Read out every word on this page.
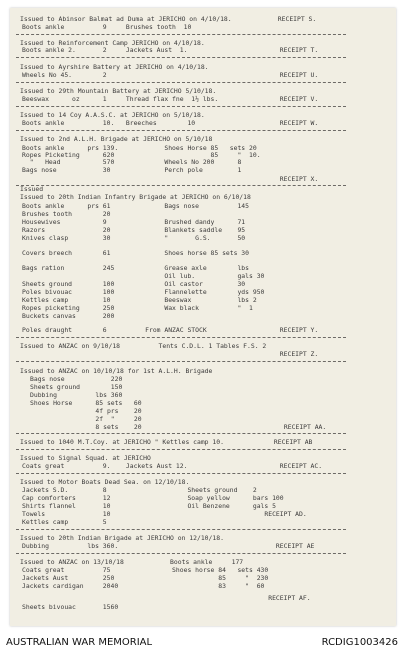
Issued to Abinsor Balmat ad Duma at JERICHO on 4/10/18.            RECEIPT S.
Boots ankle          9     Brushes tooth  10
Issued to Reinforcement Camp JERICHO on 4/10/18.
Boots ankle 2.       2     Jackets Aust  1.                        RECEIPT T.
Issued to Ayrshire Battery at JERICHO on 4/10/18.
Wheels No 45.        2                                             RECEIPT U.
Issued to 29th Mountain Battery at JERICHO 5/10/18.
Beeswax      oz      1     Thread flax fne  1½ lbs.                RECEIPT V.
Issued to 14 Coy A.A.S.C. at JERICHO on 5/10/18.
Boots ankle          10.   Breeches        10                      RECEIPT W.
Issued to 2nd A.L.H. Brigade at JERICHO on 5/10/18
Boots ankle      prs 139.            Shoes Horse 85   sets 20
Ropes Picketing      620                         85     "  10.
"   Head           570             Wheels No 200      8
Bags nose            30              Perch pole         1
RECEIPT X.
Issued
Issued to 20th Indian Infantry Brigade at JERICHO on 6/10/18
Boots ankle      prs 61              Bags nose          145
Brushes tooth        20
Housewives           9               Brushed dandy      71
Razors               20              Blankets saddle    95
Knives clasp         30              "       G.S.       50
Covers breech        61              Shoes horse 85 sets 30
Bags ration          245             Grease axle        lbs
Oil lub.           gals 30
Sheets ground        100             Oil castor         30
Poles bivouac        100             Flannelette        yds 950
Kettles camp         10              Beeswax            lbs 2
Ropes picketing      250             Wax black          "  1
Buckets canvas       200
Poles draught        6          From ANZAC STOCK                   RECEIPT Y.
Issued to ANZAC on 9/10/18          Tents C.D.L. 1 Tables F.S. 2
RECEIPT Z.
Issued to ANZAC on 10/10/18 for 1st A.L.H. Brigade
Bags nose            220
Sheets ground        150
Dubbing          lbs 360
Shoes Horse      85 sets   60
4f prs    20
2f  "     20
8 sets    20                                     RECEIPT AA.
Issued to 1040 M.T.Coy. at JERICHO " Kettles camp 10.             RECEIPT AB
Issued to Signal Squad. at JERICHO
Coats great          9.    Jackets Aust 12.                        RECEIPT AC.
Issued to Motor Boats Dead Sea. on 12/10/18.
Jackets S.D.         8                     Sheets ground    2
Cap comforters       12                    Soap yellow      bars 100
Shirts flannel       10                    Oil Benzene      gals 5
Towels               10                                        RECEIPT AD.
Kettles camp         5
Issued to 20th Indian Brigade at JERICHO on 12/10/18.
Dubbing          lbs 360.                                         RECEIPT AE
Issued to ANZAC on 13/10/18            Boots ankle     177
Coats great          75                Shoes horse 84   sets 430
Jackets Aust         250                           85     "  230
Jackets cardigan     2040                          83     "  60
RECEIPT AF.
Sheets bivouac       1560
AUSTRALIAN WAR MEMORIAL	RCDIG1003426
